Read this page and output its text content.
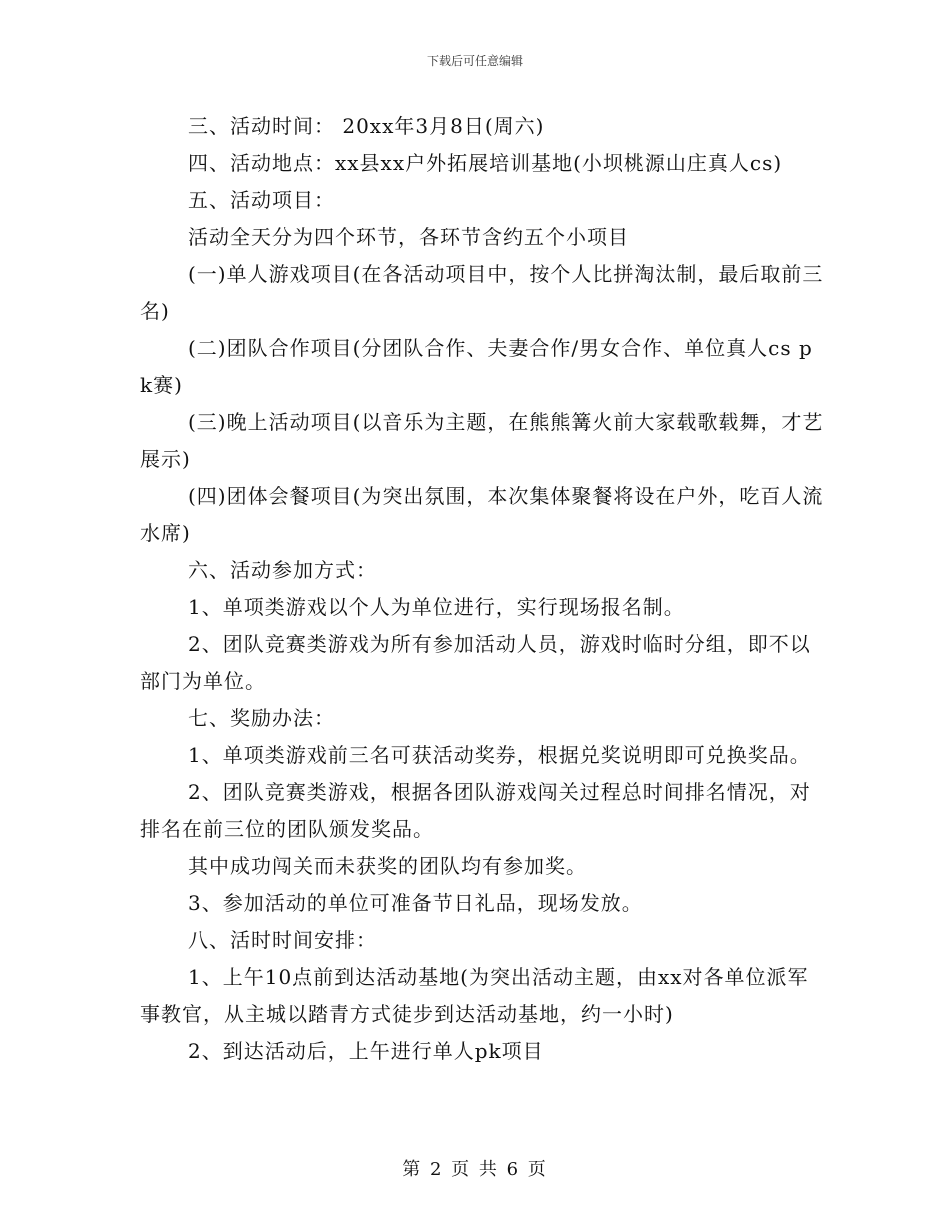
下载后可任意编辑

三、活动时间： 20xx年3月8日(周六)

四、活动地点：xx县xx户外拓展培训基地(小坝桃源山庄真人cs)

五、活动项目：

活动全天分为四个环节，各环节含约五个小项目

(一)单人游戏项目(在各活动项目中，按个人比拼淘汰制，最后取前三名)

(二)团队合作项目(分团队合作、夫妻合作/男女合作、单位真人cs pk赛)

(三)晚上活动项目(以音乐为主题，在熊熊篝火前大家载歌载舞，才艺展示)

(四)团体会餐项目(为突出氛围，本次集体聚餐将设在户外，吃百人流水席)

六、活动参加方式：

1、单项类游戏以个人为单位进行，实行现场报名制。

2、团队竞赛类游戏为所有参加活动人员，游戏时临时分组，即不以部门为单位。

七、奖励办法：

1、单项类游戏前三名可获活动奖券，根据兑奖说明即可兑换奖品。

2、团队竞赛类游戏，根据各团队游戏闯关过程总时间排名情况，对排名在前三位的团队颁发奖品。

其中成功闯关而未获奖的团队均有参加奖。

3、参加活动的单位可准备节日礼品，现场发放。

八、活时时间安排：

1、上午10点前到达活动基地(为突出活动主题，由xx对各单位派军事教官，从主城以踏青方式徒步到达活动基地，约一小时)

2、到达活动后，上午进行单人pk项目

第 2 页 共 6 页
